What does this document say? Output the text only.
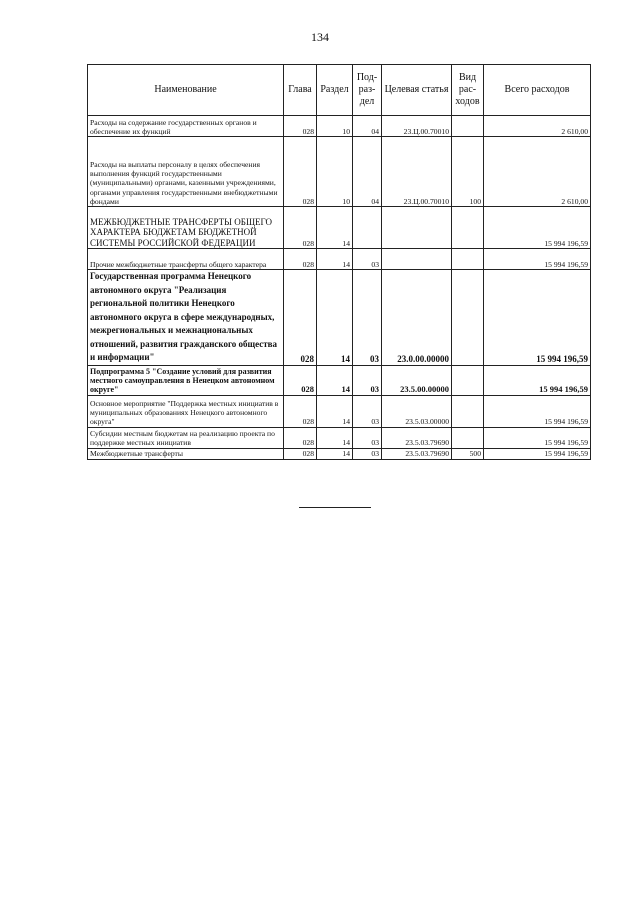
134
Наименование	Глава	Раздел	Под-раз-дел	Целевая статья	Вид рас-ходов	Всего расходов
Расходы на содержание государственных органов и обеспечение их функций	028	10	04	23.Ц.00.70010		2 610,00
Расходы на выплаты персоналу в целях обеспечения выполнения функций государственными (муниципальными) органами, казенными учреждениями, органами управления государственными внебюджетными фондами	028	10	04	23.Ц.00.70010	100	2 610,00
МЕЖБЮДЖЕТНЫЕ ТРАНСФЕРТЫ ОБЩЕГО ХАРАКТЕРА БЮДЖЕТАМ БЮДЖЕТНОЙ СИСТЕМЫ РОССИЙСКОЙ ФЕДЕРАЦИИ	028	14				15 994 196,59
Прочие межбюджетные трансферты общего характера	028	14	03			15 994 196,59
Государственная программа Ненецкого автономного округа "Реализация региональной политики Ненецкого автономного округа в сфере международных, межрегиональных и межнациональных отношений, развития гражданского общества и информации"	028	14	03	23.0.00.00000		15 994 196,59
Подпрограмма 5 "Создание условий для развития местного самоуправления в Ненецком автономном округе"	028	14	03	23.5.00.00000		15 994 196,59
Основное мероприятие "Поддержка местных инициатив в муниципальных образованиях Ненецкого автономного округа"	028	14	03	23.5.03.00000		15 994 196,59
Субсидии местным бюджетам на реализацию проекта по поддержке местных инициатив	028	14	03	23.5.03.79690		15 994 196,59
Межбюджетные трансферты	028	14	03	23.5.03.79690	500	15 994 196,59
